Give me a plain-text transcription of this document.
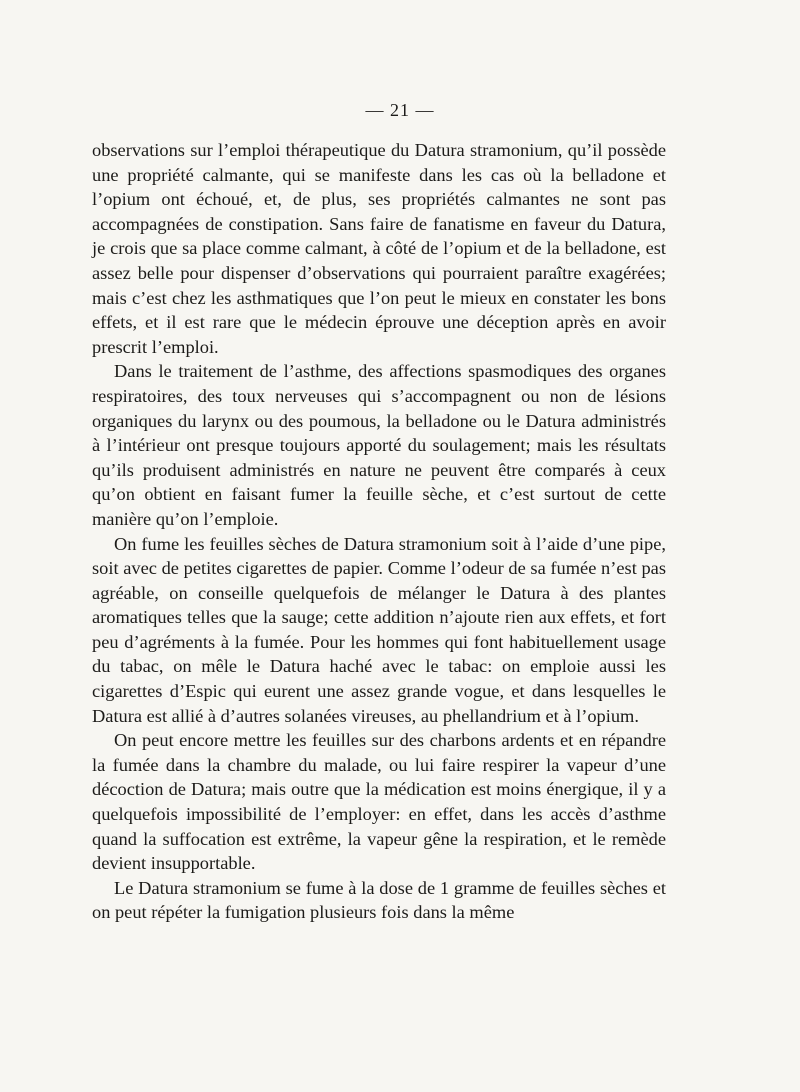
— 21 —

observations sur l’emploi thérapeutique du Datura stramonium, qu’il possède une propriété calmante, qui se manifeste dans les cas où la belladone et l’opium ont échoué, et, de plus, ses propriétés calmantes ne sont pas accompagnées de constipation. Sans faire de fanatisme en faveur du Datura, je crois que sa place comme calmant, à côté de l’opium et de la belladone, est assez belle pour dispenser d’observations qui pourraient paraître exagérées; mais c’est chez les asthmatiques que l’on peut le mieux en constater les bons effets, et il est rare que le médecin éprouve une déception après en avoir prescrit l’emploi.

Dans le traitement de l’asthme, des affections spasmodiques des organes respiratoires, des toux nerveuses qui s’accompagnent ou non de lésions organiques du larynx ou des poumous, la belladone ou le Datura administrés à l’intérieur ont presque toujours apporté du soulagement; mais les résultats qu’ils produisent administrés en nature ne peuvent être comparés à ceux qu’on obtient en faisant fumer la feuille sèche, et c’est surtout de cette manière qu’on l’emploie.

On fume les feuilles sèches de Datura stramonium soit à l’aide d’une pipe, soit avec de petites cigarettes de papier. Comme l’odeur de sa fumée n’est pas agréable, on conseille quelquefois de mélanger le Datura à des plantes aromatiques telles que la sauge; cette addition n’ajoute rien aux effets, et fort peu d’agréments à la fumée. Pour les hommes qui font habituellement usage du tabac, on mêle le Datura haché avec le tabac: on emploie aussi les cigarettes d’Espic qui eurent une assez grande vogue, et dans lesquelles le Datura est allié à d’autres solanées vireuses, au phellandrium et à l’opium.

On peut encore mettre les feuilles sur des charbons ardents et en répandre la fumée dans la chambre du malade, ou lui faire respirer la vapeur d’une décoction de Datura; mais outre que la médication est moins énergique, il y a quelquefois impossibilité de l’employer: en effet, dans les accès d’asthme quand la suffocation est extrême, la vapeur gêne la respiration, et le remède devient insupportable.

Le Datura stramonium se fume à la dose de 1 gramme de feuilles sèches et on peut répéter la fumigation plusieurs fois dans la même
